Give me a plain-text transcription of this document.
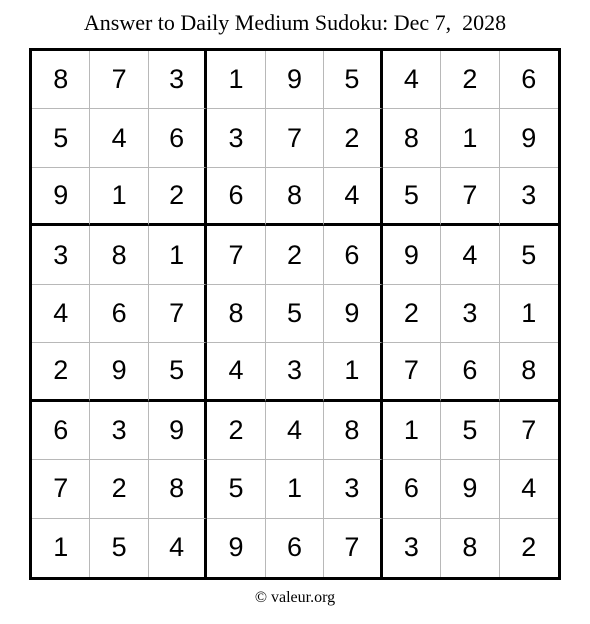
Answer to Daily Medium Sudoku: Dec 7,  2028
8	7	3	1	9	5	4	2	6
5	4	6	3	7	2	8	1	9
9	1	2	6	8	4	5	7	3
3	8	1	7	2	6	9	4	5
4	6	7	8	5	9	2	3	1
2	9	5	4	3	1	7	6	8
6	3	9	2	4	8	1	5	7
7	2	8	5	1	3	6	9	4
1	5	4	9	6	7	3	8	2
© valeur.org
